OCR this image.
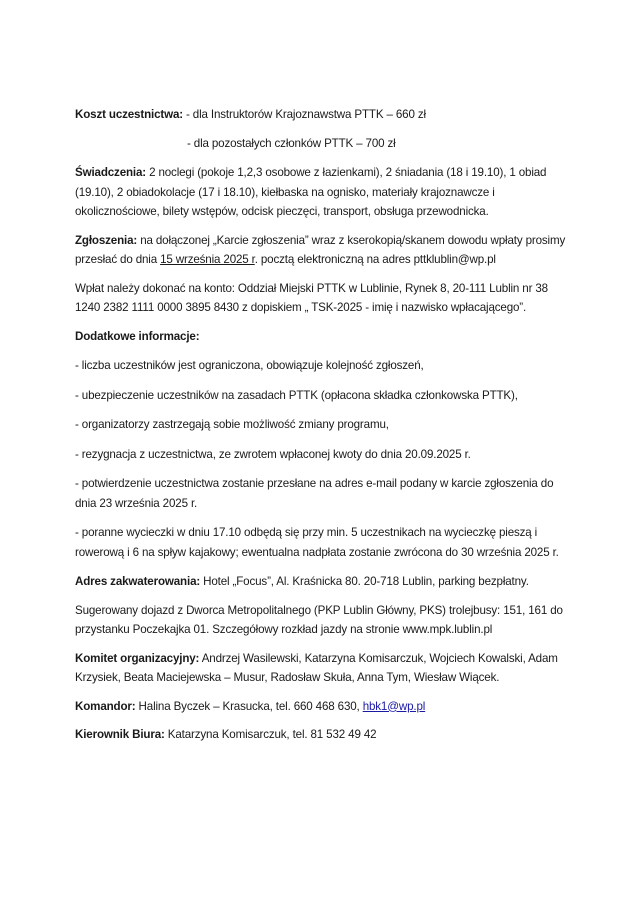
Koszt uczestnictwa: - dla Instruktorów Krajoznawstwa PTTK – 660 zł

- dla pozostałych członków PTTK – 700 zł

Świadczenia: 2 noclegi (pokoje 1,2,3 osobowe z łazienkami), 2 śniadania (18 i 19.10), 1 obiad (19.10), 2 obiadokolacje (17 i 18.10), kiełbaska na ognisko, materiały krajoznawcze i okolicznościowe, bilety wstępów, odcisk pieczęci, transport, obsługa przewodnicka.

Zgłoszenia: na dołączonej „Karcie zgłoszenia” wraz z kserokopią/skanem dowodu wpłaty prosimy przesłać do dnia 15 września 2025 r. pocztą elektroniczną na adres pttklublin@wp.pl

Wpłat należy dokonać na konto: Oddział Miejski PTTK w Lublinie, Rynek 8, 20-111 Lublin nr 38 1240 2382 1111 0000 3895 8430 z dopiskiem „ TSK-2025 - imię i nazwisko wpłacającego”.

Dodatkowe informacje:

- liczba uczestników jest ograniczona, obowiązuje kolejność zgłoszeń,

- ubezpieczenie uczestników na zasadach PTTK (opłacona składka członkowska PTTK),

- organizatorzy zastrzegają sobie możliwość zmiany programu,

- rezygnacja z uczestnictwa, ze zwrotem wpłaconej kwoty do dnia 20.09.2025 r.

- potwierdzenie uczestnictwa zostanie przesłane na adres e-mail podany w karcie zgłoszenia do dnia 23 września 2025 r.

- poranne wycieczki w dniu 17.10 odbędą się przy min. 5 uczestnikach na wycieczkę pieszą i rowerową i 6 na spływ kajakowy; ewentualna nadpłata zostanie zwrócona do 30 września 2025 r.

Adres zakwaterowania: Hotel „Focus”, Al. Kraśnicka 80. 20-718 Lublin, parking bezpłatny.

Sugerowany dojazd z Dworca Metropolitalnego (PKP Lublin Główny, PKS) trolejbusy: 151, 161 do przystanku Poczekajka 01. Szczegółowy rozkład jazdy na stronie www.mpk.lublin.pl

Komitet organizacyjny: Andrzej Wasilewski, Katarzyna Komisarczuk, Wojciech Kowalski, Adam Krzysiek, Beata Maciejewska – Musur, Radosław Skuła, Anna Tym, Wiesław Wiącek.

Komandor: Halina Byczek – Krasucka, tel. 660 468 630, hbk1@wp.pl

Kierownik Biura: Katarzyna Komisarczuk, tel. 81 532 49 42
